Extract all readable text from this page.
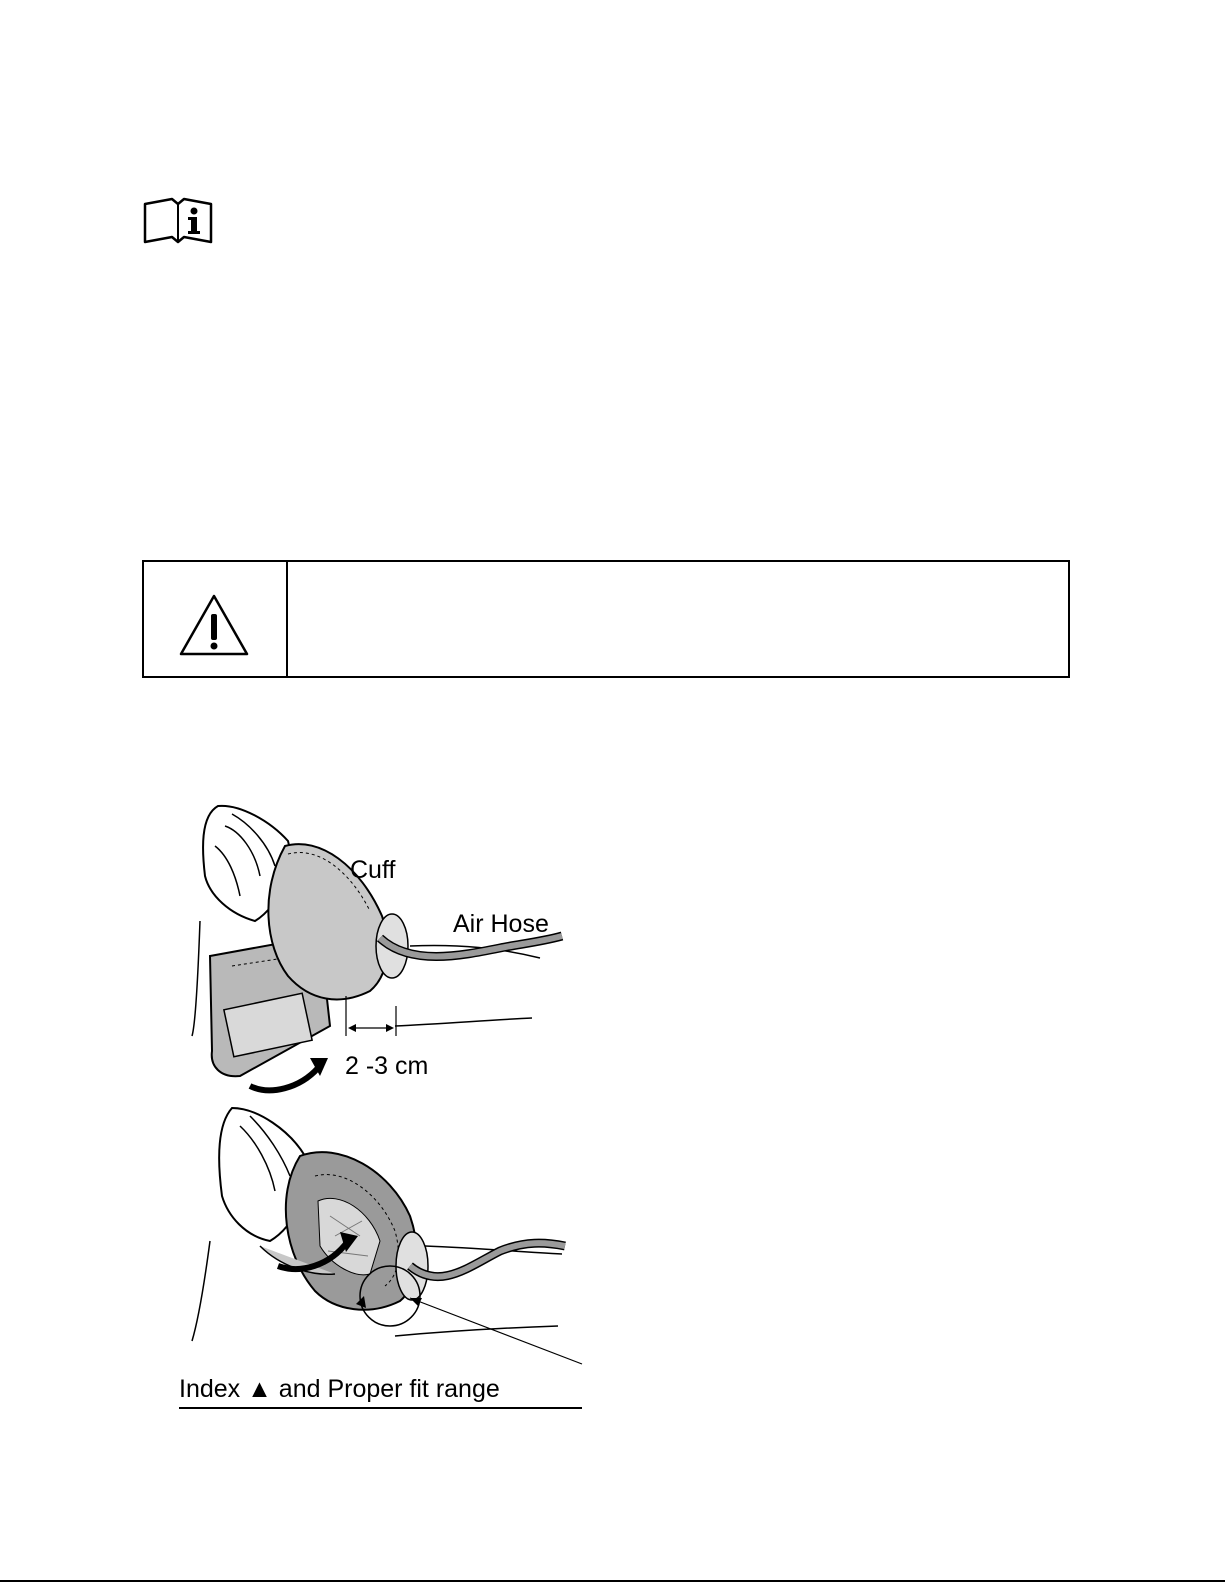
Cuff
Air Hose
2 -3 cm
Index ▲ and Proper fit range
